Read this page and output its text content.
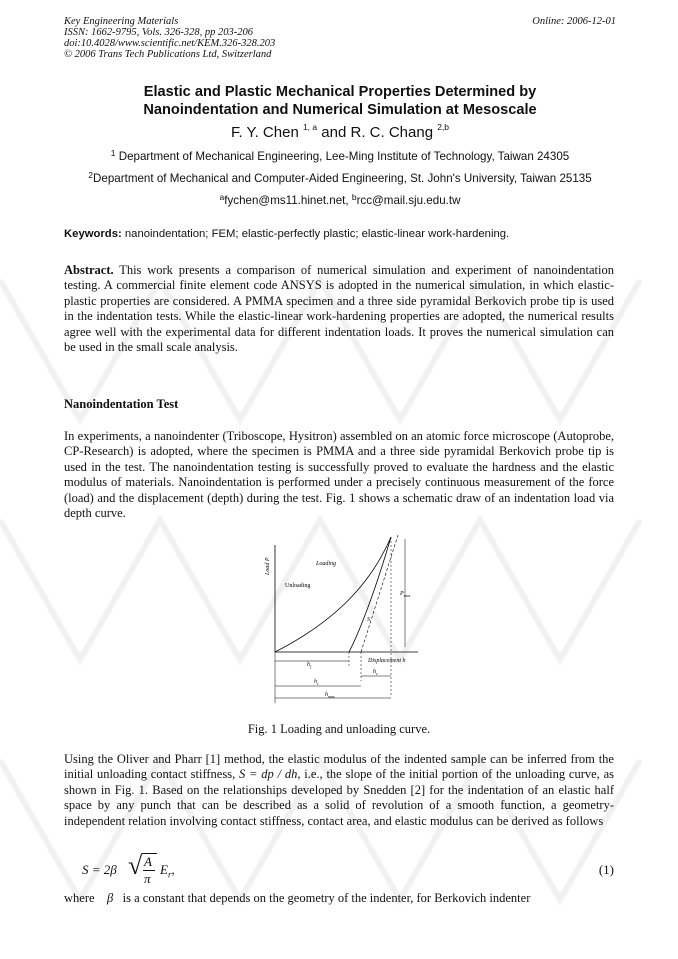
Key Engineering Materials
ISSN: 1662-9795, Vols. 326-328, pp 203-206
doi:10.4028/www.scientific.net/KEM.326-328.203
© 2006 Trans Tech Publications Ltd, Switzerland
Online: 2006-12-01
Elastic and Plastic Mechanical Properties Determined by
Nanoindentation and Numerical Simulation at Mesoscale
F. Y. Chen $^{1, a}$ and R. C. Chang $^{2,b}$
$^1$ Department of Mechanical Engineering, Lee-Ming Institute of Technology, Taiwan 24305
$^2$Department of Mechanical and Computer-Aided Engineering, St. John's University, Taiwan 25135
$^a$fychen@ms11.hinet.net, $^b$rcc@mail.sju.edu.tw
Keywords: nanoindentation; FEM; elastic-perfectly plastic; elastic-linear work-hardening.
Abstract. This work presents a comparison of numerical simulation and experiment of nanoindentation testing. A commercial finite element code ANSYS is adopted in the numerical simulation, in which elastic-plastic properties are considered. A PMMA specimen and a three side pyramidal Berkovich probe tip is used in the indentation tests. While the elastic-linear work-hardening properties are adopted, the numerical results agree well with the experimental data for different indentation loads. It proves the numerical simulation can be used in the small scale analysis.
Nanoindentation Test
In experiments, a nanoindenter (Triboscope, Hysitron) assembled on an atomic force microscope (Autoprobe, CP-Research) is adopted, where the specimen is PMMA and a three side pyramidal Berkovich probe tip is used in the test. The nanoindentation testing is successfully proved to evaluate the hardness and the elastic modulus of materials. Nanoindentation is performed under a precisely continuous measurement of the force (load) and the displacement (depth) during the test. Fig. 1 shows a schematic draw of an indentation load via depth curve.
Load P	Loading
Unloading
S
$P_{max}$
Displacement h
$h_f$
$h_s$
$h_c$
$h_{max}$
Fig. 1 Loading and unloading curve.
Using the Oliver and Pharr [1] method, the elastic modulus of the indented sample can be inferred from the initial unloading contact stiffness, S = dp / dh, i.e., the slope of the initial portion of the unloading curve, as shown in Fig. 1. Based on the relationships developed by Snedden [2] for the indentation of an elastic half space by any punch that can be described as a solid of revolution of a smooth function, a geometry-independent relation involving contact stiffness, contact area, and elastic modulus can be derived as follows
S = 2β √ A
π
$E_r$,	(1)
where β is a constant that depends on the geometry of the indenter, for Berkovich indenter
